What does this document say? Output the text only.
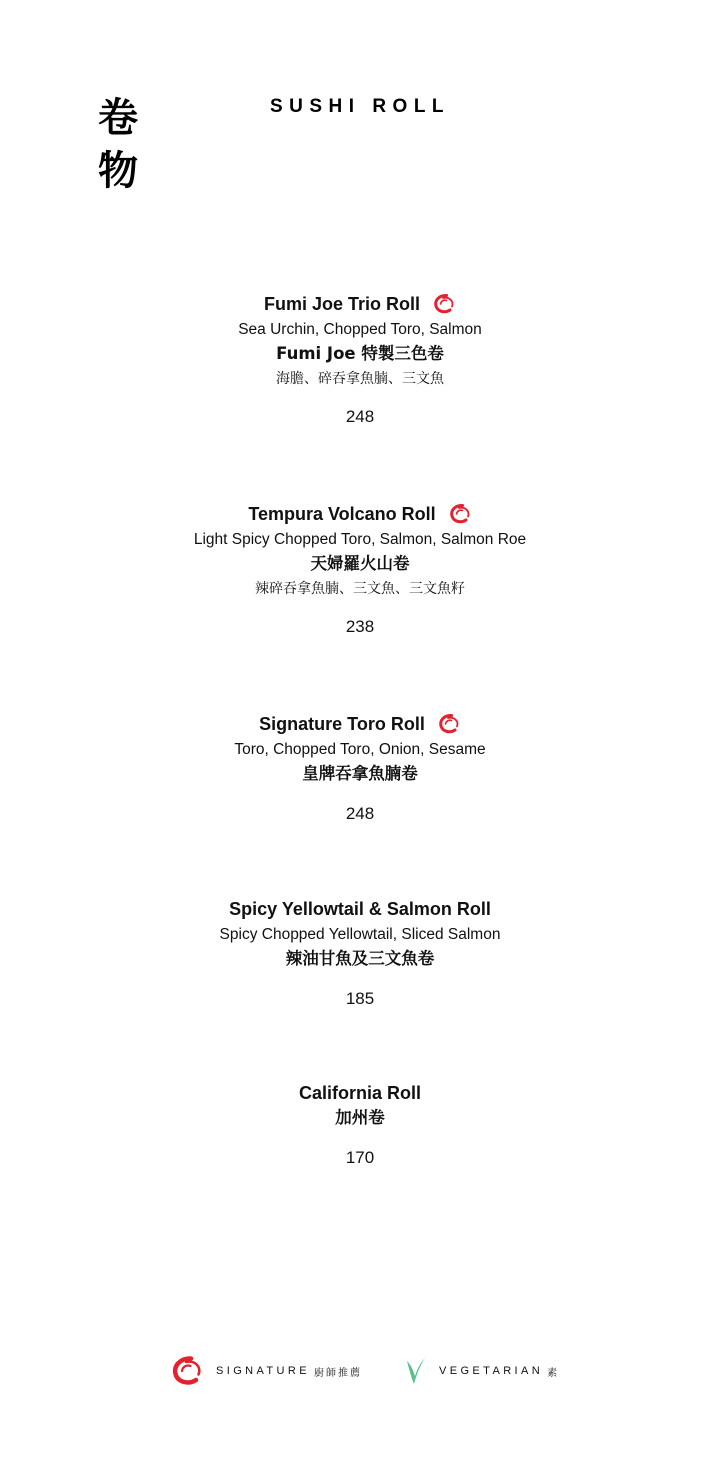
卷
物
SUSHI ROLL
Fumi Joe Trio Roll
Sea Urchin, Chopped Toro, Salmon
Fumi Joe 特製三色卷
海膽、碎吞拿魚腩、三文魚
248
Tempura Volcano Roll
Light Spicy Chopped Toro, Salmon, Salmon Roe
天婦羅火山卷
辣碎吞拿魚腩、三文魚、三文魚籽
238
Signature Toro Roll
Toro, Chopped Toro, Onion, Sesame
皇牌吞拿魚腩卷
248
Spicy Yellowtail & Salmon Roll
Spicy Chopped Yellowtail, Sliced Salmon
辣油甘魚及三文魚卷
185
California Roll
加州卷
170
SIGNATURE 廚師推薦	VEGETARIAN 素
